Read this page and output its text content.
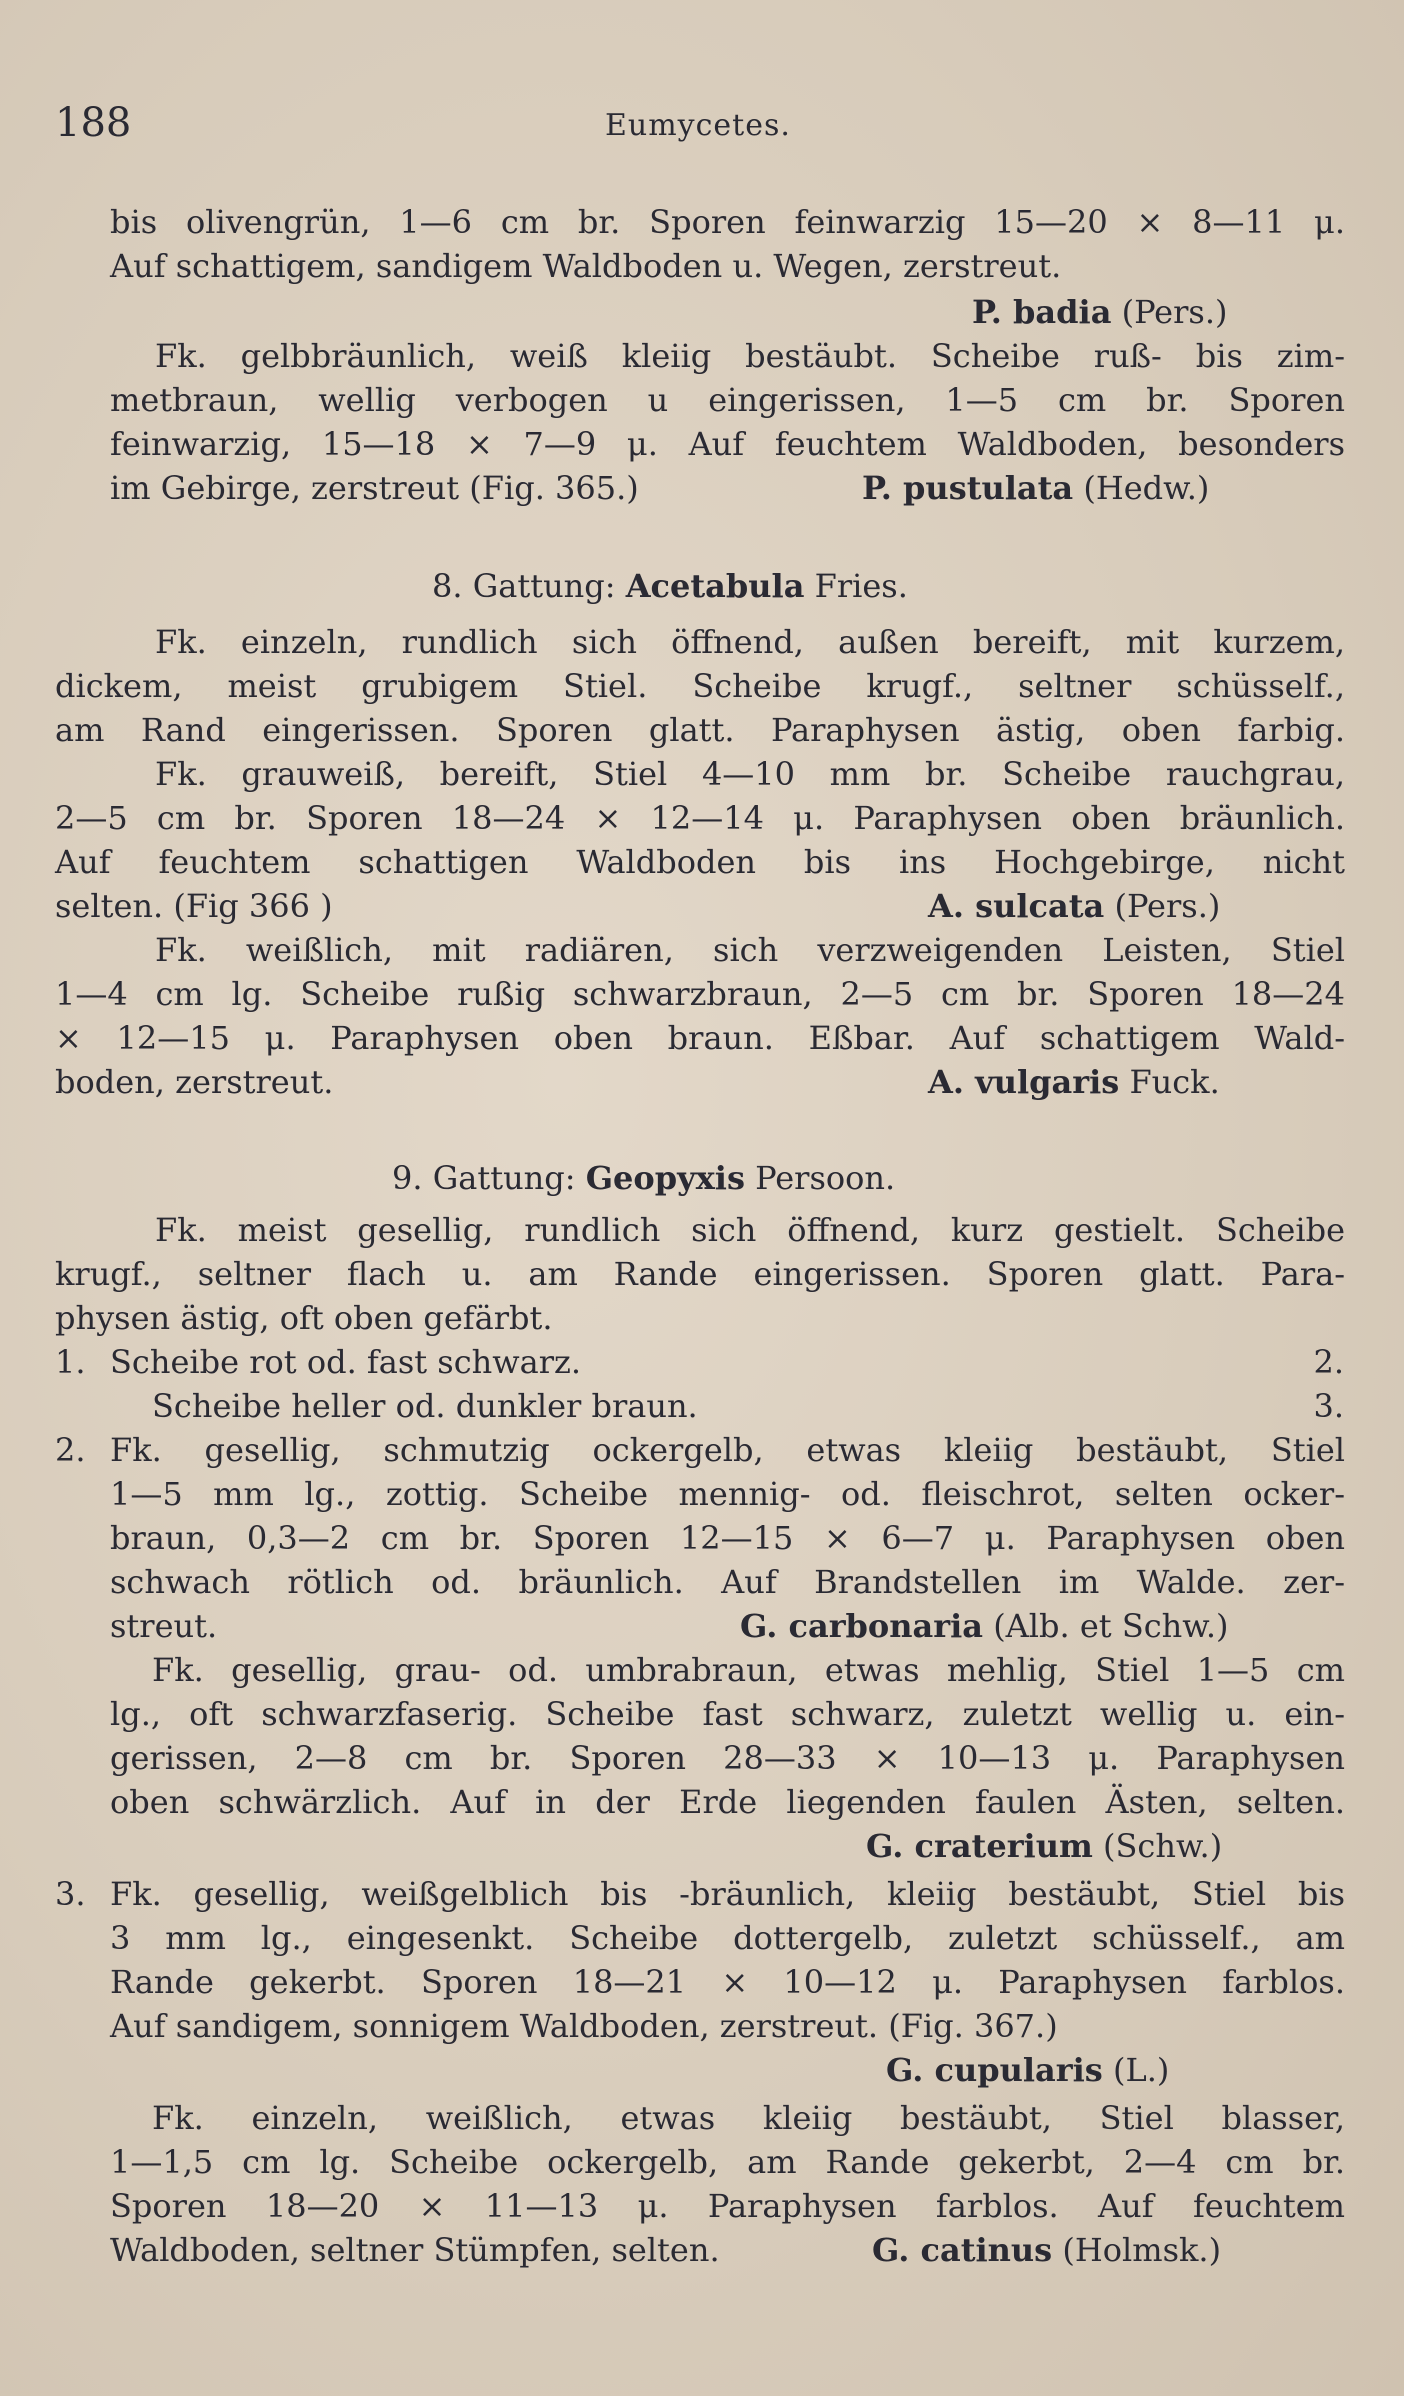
188	Eumycetes.
bis olivengrün, 1—6 cm br. Sporen feinwarzig 15—20 × 8—11 μ.
Auf schattigem, sandigem Waldboden u. Wegen, zerstreut.
P. badia (Pers.)
Fk. gelbbräunlich, weiß kleiig bestäubt. Scheibe ruß- bis zim-
metbraun, wellig verbogen u eingerissen, 1—5 cm br. Sporen
feinwarzig, 15—18 × 7—9 μ. Auf feuchtem Waldboden, besonders
im Gebirge, zerstreut (Fig. 365.)	P. pustulata (Hedw.)
8. Gattung: Acetabula Fries.
Fk. einzeln, rundlich sich öffnend, außen bereift, mit kurzem,
dickem, meist grubigem Stiel. Scheibe krugf., seltner schüsself.,
am Rand eingerissen. Sporen glatt. Paraphysen ästig, oben farbig.
Fk. grauweiß, bereift, Stiel 4—10 mm br. Scheibe rauchgrau,
2—5 cm br. Sporen 18—24 × 12—14 μ. Paraphysen oben bräunlich.
Auf feuchtem schattigen Waldboden bis ins Hochgebirge, nicht
selten. (Fig 366 )	A. sulcata (Pers.)
Fk. weißlich, mit radiären, sich verzweigenden Leisten, Stiel
1—4 cm lg. Scheibe rußig schwarzbraun, 2—5 cm br. Sporen 18—24
× 12—15 μ. Paraphysen oben braun. Eßbar. Auf schattigem Wald-
boden, zerstreut.	A. vulgaris Fuck.
9. Gattung: Geopyxis Persoon.
Fk. meist gesellig, rundlich sich öffnend, kurz gestielt. Scheibe
krugf., seltner flach u. am Rande eingerissen. Sporen glatt. Para-
physen ästig, oft oben gefärbt.
1. Scheibe rot od. fast schwarz.	2.
Scheibe heller od. dunkler braun.	3.
2. Fk. gesellig, schmutzig ockergelb, etwas kleiig bestäubt, Stiel
1—5 mm lg., zottig. Scheibe mennig- od. fleischrot, selten ocker-
braun, 0,3—2 cm br. Sporen 12—15 × 6—7 μ. Paraphysen oben
schwach rötlich od. bräunlich. Auf Brandstellen im Walde. zer-
streut.	G. carbonaria (Alb. et Schw.)
Fk. gesellig, grau- od. umbrabraun, etwas mehlig, Stiel 1—5 cm
lg., oft schwarzfaserig. Scheibe fast schwarz, zuletzt wellig u. ein-
gerissen, 2—8 cm br. Sporen 28—33 × 10—13 μ. Paraphysen
oben schwärzlich. Auf in der Erde liegenden faulen Ästen, selten.
G. craterium (Schw.)
3. Fk. gesellig, weißgelblich bis -bräunlich, kleiig bestäubt, Stiel bis
3 mm lg., eingesenkt. Scheibe dottergelb, zuletzt schüsself., am
Rande gekerbt. Sporen 18—21 × 10—12 μ. Paraphysen farblos.
Auf sandigem, sonnigem Waldboden, zerstreut. (Fig. 367.)
G. cupularis (L.)
Fk. einzeln, weißlich, etwas kleiig bestäubt, Stiel blasser,
1—1,5 cm lg. Scheibe ockergelb, am Rande gekerbt, 2—4 cm br.
Sporen 18—20 × 11—13 μ. Paraphysen farblos. Auf feuchtem
Waldboden, seltner Stümpfen, selten.	G. catinus (Holmsk.)
